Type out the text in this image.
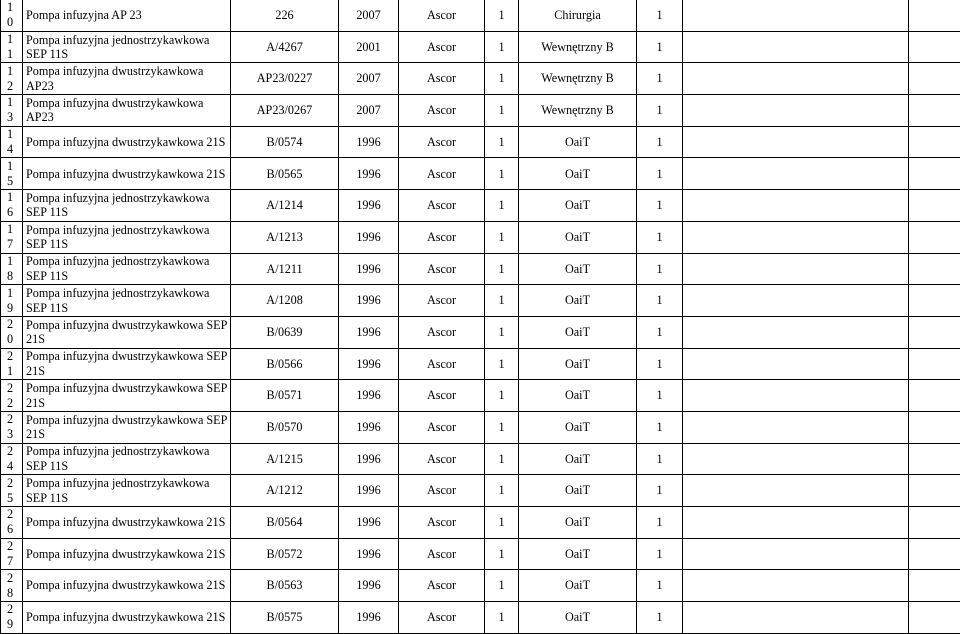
10	Pompa infuzyjna AP 23	226	2007	Ascor	1	Chirurgia	1		

11	Pompa infuzyjna jednostrzykawkowa SEP 11S	A/4267	2001	Ascor	1	Wewnętrzny B	1		

12	Pompa infuzyjna dwustrzykawkowa AP23	AP23/0227	2007	Ascor	1	Wewnętrzny B	1		

13	Pompa infuzyjna dwustrzykawkowa AP23	AP23/0267	2007	Ascor	1	Wewnętrzny B	1		

14	Pompa infuzyjna dwustrzykawkowa 21S	B/0574	1996	Ascor	1	OaiT	1		

15	Pompa infuzyjna dwustrzykawkowa 21S	B/0565	1996	Ascor	1	OaiT	1		

16	Pompa infuzyjna jednostrzykawkowa SEP 11S	A/1214	1996	Ascor	1	OaiT	1		

17	Pompa infuzyjna jednostrzykawkowa SEP 11S	A/1213	1996	Ascor	1	OaiT	1		

18	Pompa infuzyjna jednostrzykawkowa SEP 11S	A/1211	1996	Ascor	1	OaiT	1		

19	Pompa infuzyjna jednostrzykawkowa SEP 11S	A/1208	1996	Ascor	1	OaiT	1		

20	Pompa infuzyjna dwustrzykawkowa SEP 21S	B/0639	1996	Ascor	1	OaiT	1		

21	Pompa infuzyjna dwustrzykawkowa SEP 21S	B/0566	1996	Ascor	1	OaiT	1		

22	Pompa infuzyjna dwustrzykawkowa SEP 21S	B/0571	1996	Ascor	1	OaiT	1		

23	Pompa infuzyjna dwustrzykawkowa SEP 21S	B/0570	1996	Ascor	1	OaiT	1		

24	Pompa infuzyjna jednostrzykawkowa SEP 11S	A/1215	1996	Ascor	1	OaiT	1		

25	Pompa infuzyjna jednostrzykawkowa SEP 11S	A/1212	1996	Ascor	1	OaiT	1		

26	Pompa infuzyjna dwustrzykawkowa 21S	B/0564	1996	Ascor	1	OaiT	1		

27	Pompa infuzyjna dwustrzykawkowa 21S	B/0572	1996	Ascor	1	OaiT	1		

28	Pompa infuzyjna dwustrzykawkowa 21S	B/0563	1996	Ascor	1	OaiT	1		

29	Pompa infuzyjna dwustrzykawkowa 21S	B/0575	1996	Ascor	1	OaiT	1		
